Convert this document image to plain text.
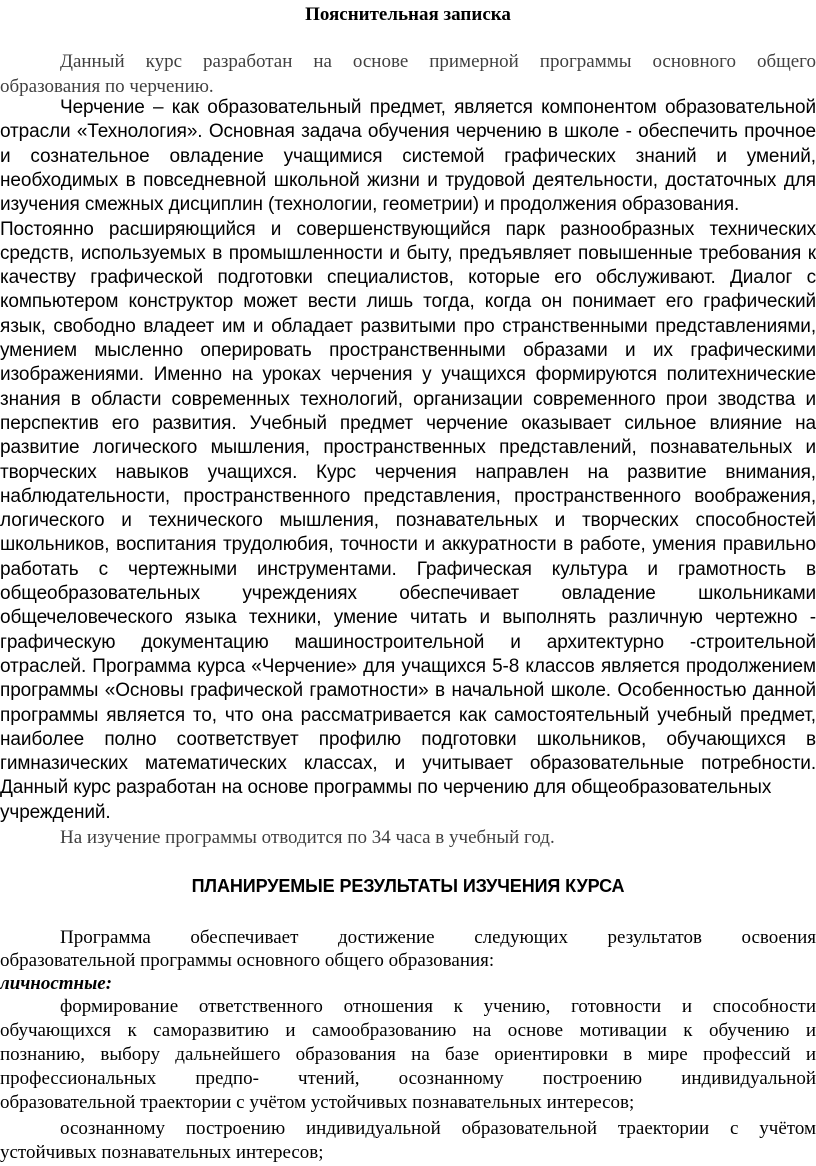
Пояснительная записка
Данный курс разработан на основе примерной программы основного общего
образования по черчению.
Черчение – как образовательный предмет, является компонентом образовательной
отрасли «Технология». Основная задача обучения черчению в школе - обеспечить прочное
и сознательное овладение учащимися системой графических знаний и умений,
необходимых в повседневной школьной жизни и трудовой деятельности, достаточных для
изучения смежных дисциплин (технологии, геометрии) и продолжения образования.
Постоянно расширяющийся и совершенствующийся парк разнообразных технических
средств, используемых в промышленности и быту, предъявляет повышенные требования к
качеству графической подготовки специалистов, которые его обслуживают. Диалог с
компьютером конструктор может вести лишь тогда, когда он понимает его графический
язык, свободно владеет им и обладает развитыми про странственными представлениями,
умением мысленно оперировать пространственными образами и их графическими
изображениями. Именно на уроках черчения у учащихся формируются политехнические
знания в области современных технологий, организации современного прои зводства и
перспектив его развития. Учебный предмет черчение оказывает сильное влияние на
развитие логического мышления, пространственных представлений, познавательных и
творческих навыков учащихся. Курс черчения направлен на развитие внимания,
наблюдательности, пространственного представления, пространственного воображения,
логического и технического мышления, познавательных и творческих способностей
школьников, воспитания трудолюбия, точности и аккуратности в работе, умения правильно
работать с чертежными инструментами. Графическая культура и грамотность в
общеобразовательных учреждениях обеспечивает овладение школьниками
общечеловеческого языка техники, умение читать и выполнять различную чертежно -
графическую документацию машиностроительной и архитектурно -строительной
отраслей. Программа курса «Черчение» для учащихся 5-8 классов является продолжением
программы «Основы графической грамотности» в начальной школе. Особенностью данной
программы является то, что она рассматривается как самостоятельный учебный предмет,
наиболее полно соответствует профилю подготовки школьников, обучающихся в
гимназических математических классах, и учитывает образовательные потребности.
Данный курс разработан на основе программы по черчению для общеобразовательных
учреждений.
На изучение программы отводится по 34 часа в учебный год.
ПЛАНИРУЕМЫЕ РЕЗУЛЬТАТЫ ИЗУЧЕНИЯ КУРСА
Программа обеспечивает достижение следующих результатов освоения
образовательной программы основного общего образования:
личностные:
формирование ответственного отношения к учению, готовности и способности
обучающихся к саморазвитию и самообразованию на основе мотивации к обучению и
познанию, выбору дальнейшего образования на базе ориентировки в мире профессий и
профессиональных предпо- чтений, осознанному построению индивидуальной
образовательной траектории с учётом устойчивых познавательных интересов;
осознанному построению индивидуальной образовательной траектории с учётом
устойчивых познавательных интересов;
